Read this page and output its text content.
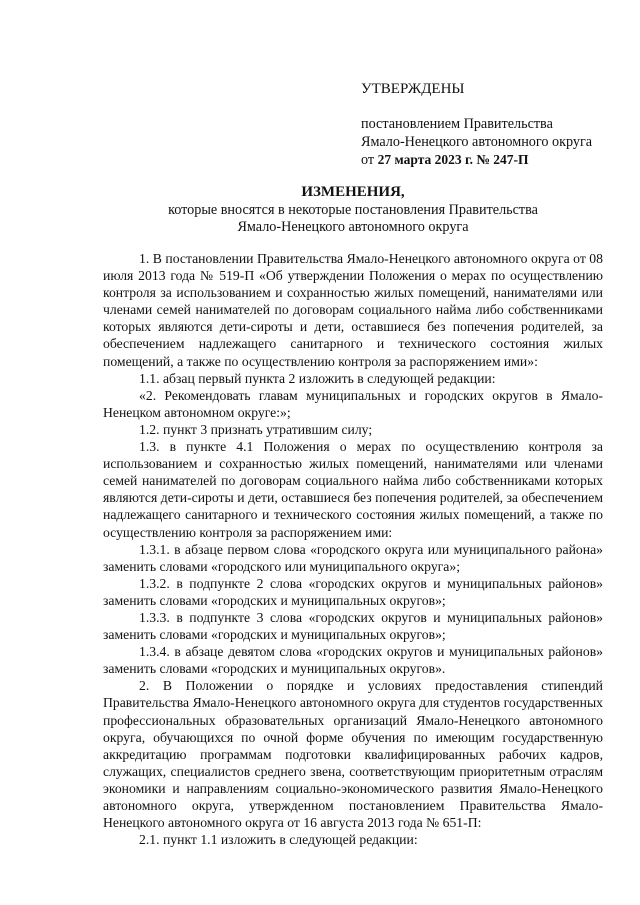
УТВЕРЖДЕНЫ
постановлением Правительства
Ямало-Ненецкого автономного округа
от 27 марта 2023 г. № 247-П
ИЗМЕНЕНИЯ,
которые вносятся в некоторые постановления Правительства
Ямало-Ненецкого автономного округа

1. В постановлении Правительства Ямало-Ненецкого автономного округа от 08 июля 2013 года № 519-П «Об утверждении Положения о мерах по осуществлению контроля за использованием и сохранностью жилых помещений, нанимателями или членами семей нанимателей по договорам социального найма либо собственниками которых являются дети-сироты и дети, оставшиеся без попечения родителей, за обеспечением надлежащего санитарного и технического состояния жилых помещений, а также по осуществлению контроля за распоряжением ими»:

1.1. абзац первый пункта 2 изложить в следующей редакции:

«2. Рекомендовать главам муниципальных и городских округов в Ямало-Ненецком автономном округе:»;

1.2. пункт 3 признать утратившим силу;

1.3. в пункте 4.1 Положения о мерах по осуществлению контроля за использованием и сохранностью жилых помещений, нанимателями или членами семей нанимателей по договорам социального найма либо собственниками которых являются дети-сироты и дети, оставшиеся без попечения родителей, за обеспечением надлежащего санитарного и технического состояния жилых помещений, а также по осуществлению контроля за распоряжением ими:

1.3.1. в абзаце первом слова «городского округа или муниципального района» заменить словами «городского или муниципального округа»;

1.3.2. в подпункте 2 слова «городских округов и муниципальных районов» заменить словами «городских и муниципальных округов»;

1.3.3. в подпункте 3 слова «городских округов и муниципальных районов» заменить словами «городских и муниципальных округов»;

1.3.4. в абзаце девятом слова «городских округов и муниципальных районов» заменить словами «городских и муниципальных округов».

2. В Положении о порядке и условиях предоставления стипендий Правительства Ямало-Ненецкого автономного округа для студентов государственных профессиональных образовательных организаций Ямало-Ненецкого автономного округа, обучающихся по очной форме обучения по имеющим государственную аккредитацию программам подготовки квалифицированных рабочих кадров, служащих, специалистов среднего звена, соответствующим приоритетным отраслям экономики и направлениям социально-экономического развития Ямало-Ненецкого автономного округа, утвержденном постановлением Правительства Ямало-Ненецкого автономного округа от 16 августа 2013 года № 651-П:

2.1. пункт 1.1 изложить в следующей редакции:
